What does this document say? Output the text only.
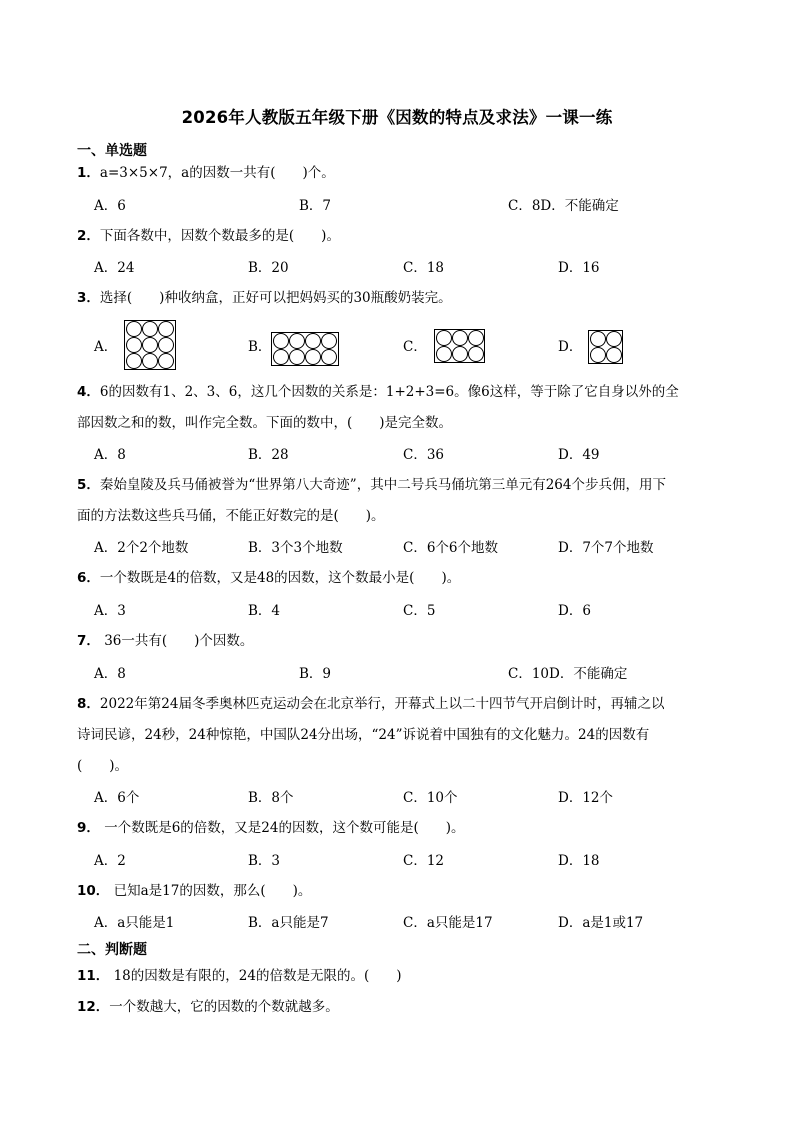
2026年人教版五年级下册《因数的特点及求法》一课一练
一、单选题
1．a=3×5×7，a的因数一共有(　　)个。
A．6	B．7	C．8D．不能确定
2．下面各数中，因数个数最多的是(　　)。
A．24	B．20	C．18	D．16
3．选择(　　)种收纳盒，正好可以把妈妈买的30瓶酸奶装完。
A．	B．	C．	D．
4．6的因数有1、2、3、6，这几个因数的关系是：1+2+3=6。像6这样，等于除了它自身以外的全
部因数之和的数，叫作完全数。下面的数中，(　　)是完全数。
A．8	B．28	C．36	D．49
5．秦始皇陵及兵马俑被誉为“世界第八大奇迹”，其中二号兵马俑坑第三单元有264个步兵佣，用下
面的方法数这些兵马俑，不能正好数完的是(　　)。
A．2个2个地数	B．3个3个地数	C．6个6个地数	D．7个7个地数
6．一个数既是4的倍数，又是48的因数，这个数最小是(　　)。
A．3	B．4	C．5	D．6
7． 36一共有(　　)个因数。
A．8	B．9	C．10D．不能确定
8．2022年第24届冬季奥林匹克运动会在北京举行，开幕式上以二十四节气开启倒计时，再辅之以
诗词民谚，24秒，24种惊艳，中国队24分出场，“24”诉说着中国独有的文化魅力。24的因数有
(　　)。
A．6个	B．8个	C．10个	D．12个
9． 一个数既是6的倍数，又是24的因数，这个数可能是(　　)。
A．2	B．3	C．12	D．18
10． 已知a是17的因数，那么(　　)。
A．a只能是1	B．a只能是7	C．a只能是17	D．a是1或17
二、判断题
11． 18的因数是有限的，24的倍数是无限的。(　　)
12．一个数越大，它的因数的个数就越多。
